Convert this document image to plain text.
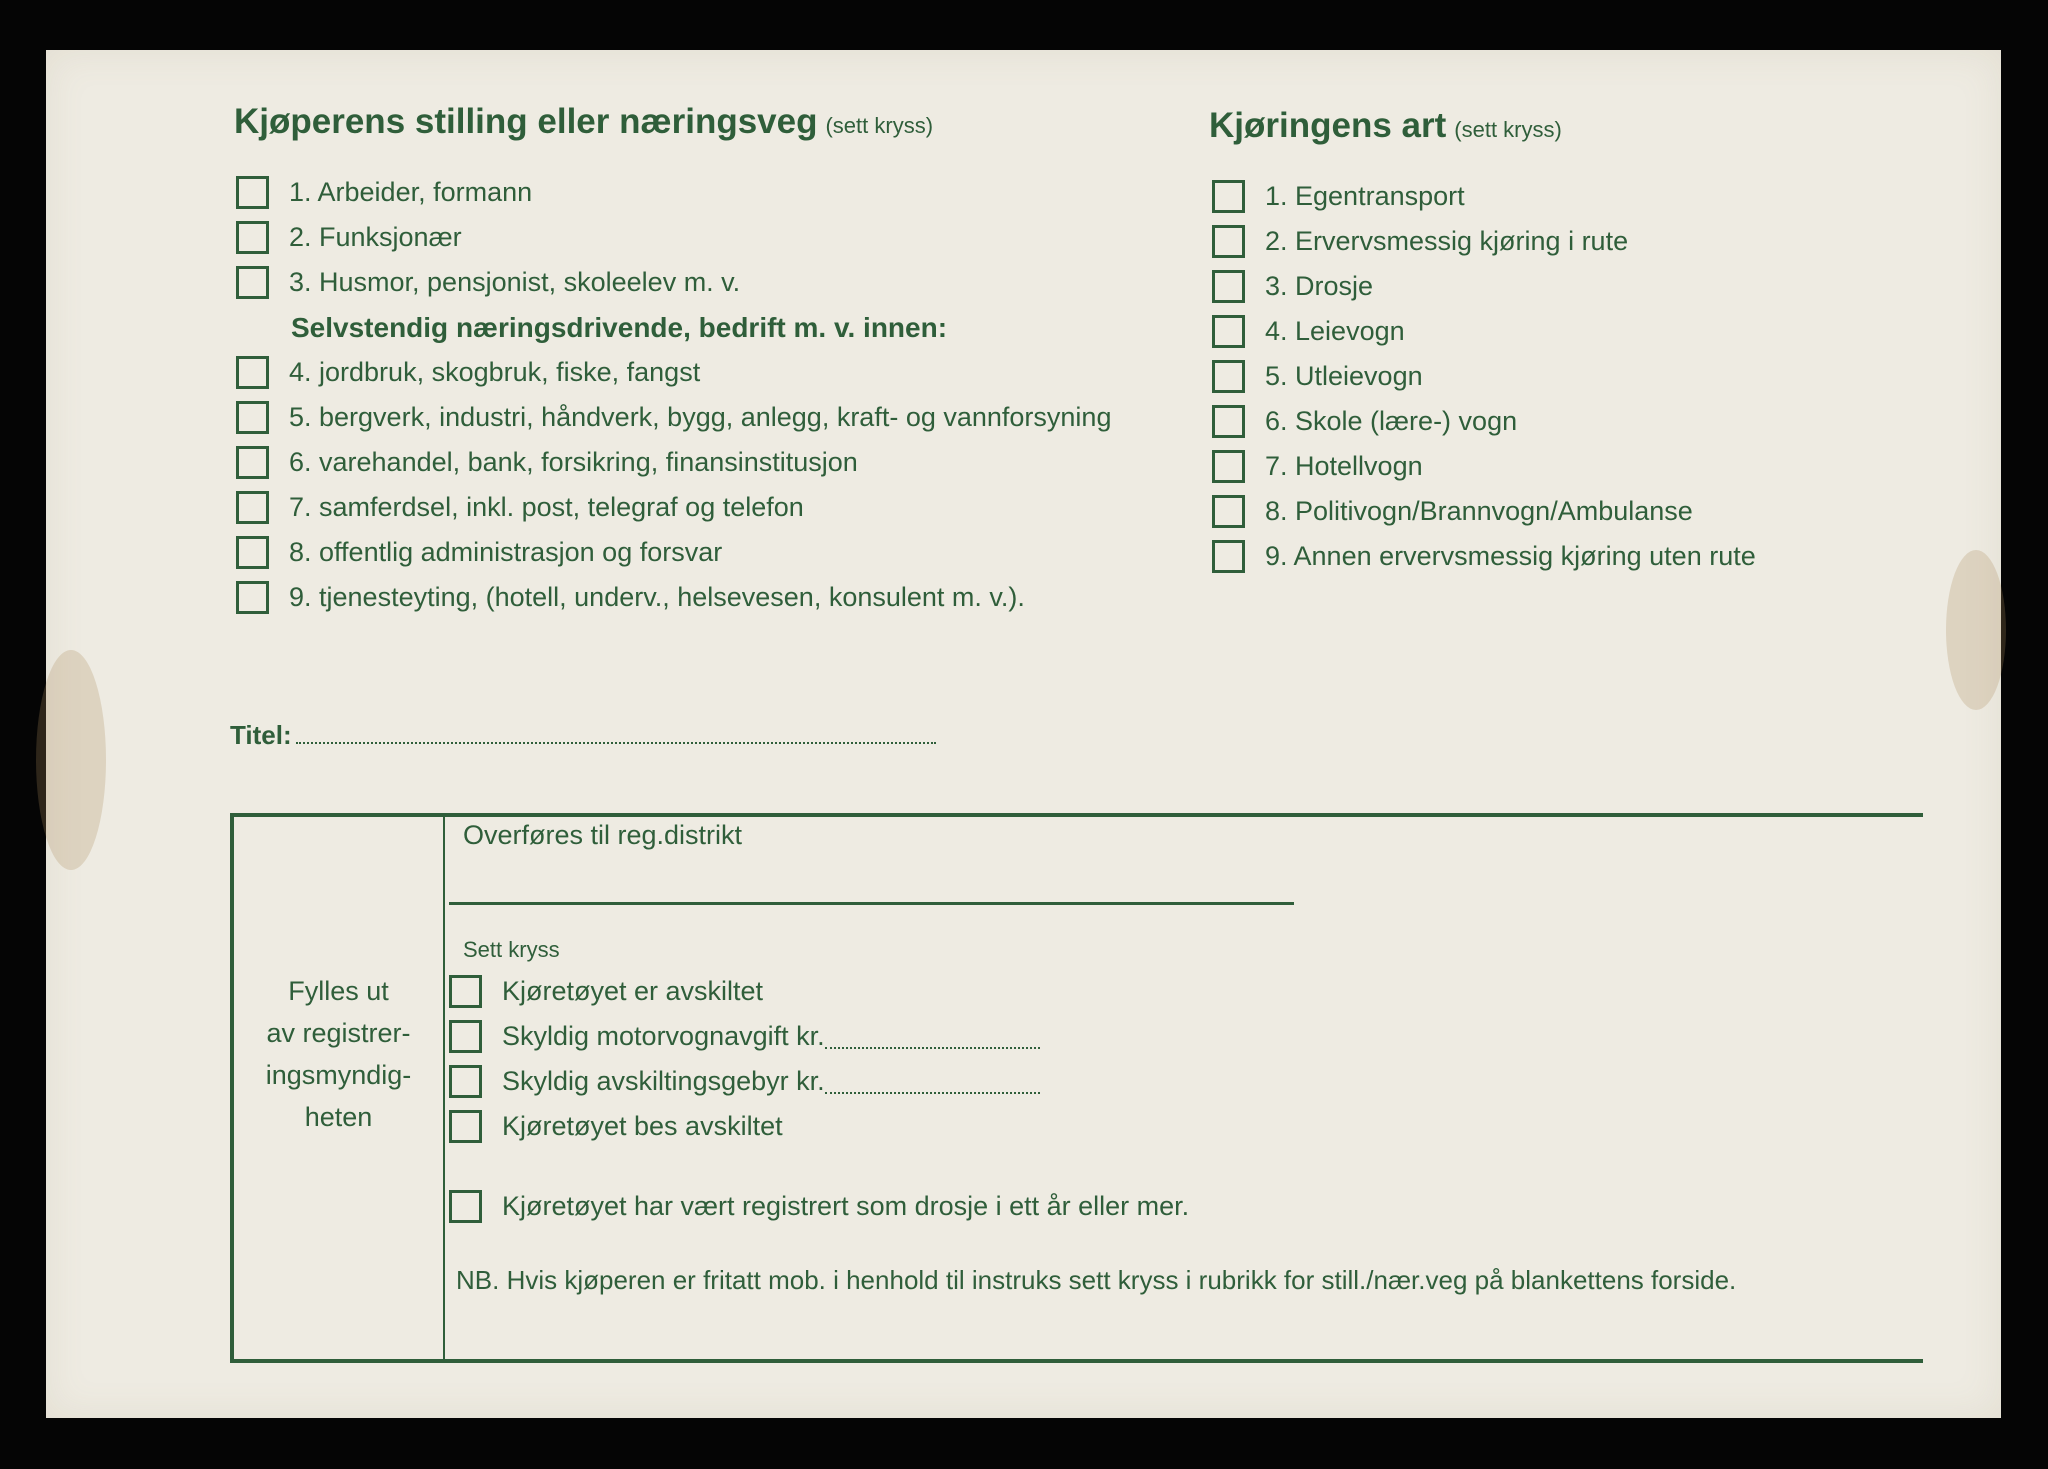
Kjøperens stilling eller næringsveg (sett kryss)
1. Arbeider, formann
2. Funksjonær
3. Husmor, pensjonist, skoleelev m. v.
Selvstendig næringsdrivende, bedrift m. v. innen:
4. jordbruk, skogbruk, fiske, fangst
5. bergverk, industri, håndverk, bygg, anlegg, kraft- og vannforsyning
6. varehandel, bank, forsikring, finansinstitusjon
7. samferdsel, inkl. post, telegraf og telefon
8. offentlig administrasjon og forsvar
9. tjenesteyting, (hotell, underv., helsevesen, konsulent m. v.).
Kjøringens art (sett kryss)
1. Egentransport
2. Ervervsmessig kjøring i rute
3. Drosje
4. Leievogn
5. Utleievogn
6. Skole (lære-) vogn
7. Hotellvogn
8. Politivogn/Brannvogn/Ambulanse
9. Annen ervervsmessig kjøring uten rute
Titel:
Fylles ut
av registrer-
ingsmyndig-
heten
Overføres til reg.distrikt
Sett kryss
Kjøretøyet er avskiltet
Skyldig motorvognavgift kr.
Skyldig avskiltingsgebyr kr.
Kjøretøyet bes avskiltet
Kjøretøyet har vært registrert som drosje i ett år eller mer.
NB. Hvis kjøperen er fritatt mob. i henhold til instruks sett kryss i rubrikk for still./nær.veg på blankettens forside.
